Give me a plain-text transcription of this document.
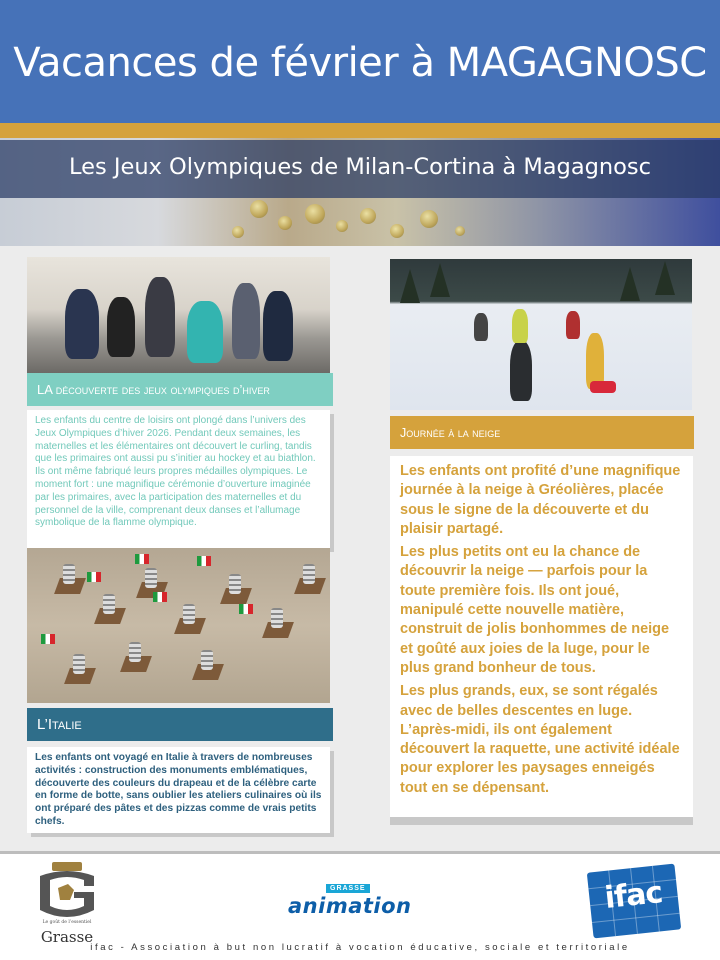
Vacances de février à MAGAGNOSC
Les Jeux Olympiques de Milan-Cortina à Magagnosc
LA découverte des jeux olympiques d’hiver
Les enfants du centre de loisirs ont plongé dans l’univers des Jeux Olympiques d’hiver 2026. Pendant deux semaines, les maternelles et les élémentaires ont découvert le curling, tandis que les primaires ont aussi pu s’initier au hockey et au biathlon. Ils ont même fabriqué leurs propres médailles olympiques. Le moment fort : une magnifique cérémonie d’ouverture imaginée par les primaires, avec la participation des maternelles et du personnel de la ville, comprenant deux danses et l’allumage symbolique de la flamme olympique.
L’Italie
Les enfants ont voyagé en Italie à travers de nombreuses activités : construction des monuments emblématiques, découverte des couleurs du drapeau et de la célèbre carte en forme de botte, sans oublier les ateliers culinaires où ils ont préparé des pâtes et des pizzas comme de vrais petits chefs.
Journée à la neige

Les enfants ont profité d’une magnifique journée à la neige à Gréolières, placée sous le signe de la découverte et du plaisir partagé.

Les plus petits ont eu la chance de découvrir la neige — parfois pour la toute première fois. Ils ont joué, manipulé cette nouvelle matière, construit de jolis bonhommes de neige et goûté aux joies de la luge, pour le plus grand bonheur de tous.

Les plus grands, eux, se sont régalés avec de belles descentes en luge. L’après-midi, ils ont également découvert la raquette, une activité idéale pour explorer les paysages enneigés tout en se dépensant.

Le goût de l’essentiel
Grasse
GRASSE
animation	ifac
ifac - Association à but non lucratif à vocation éducative, sociale et territoriale
